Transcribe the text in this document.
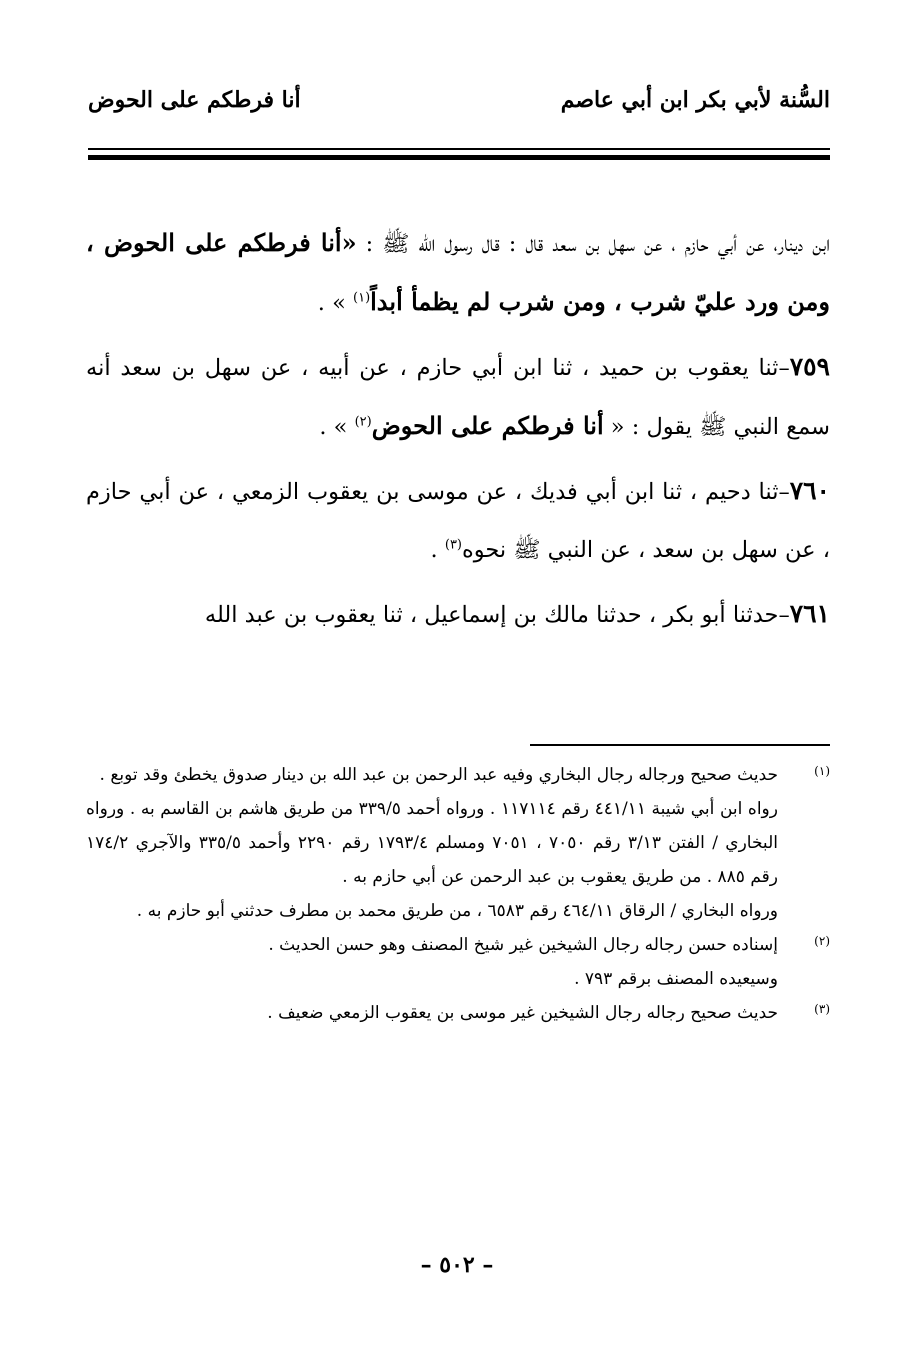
السُّنة لأبي بكر ابن أبي عاصم
أنا فرطكم على الحوض

ابن دينار، عن أبي حازم ، عن سهل بن سعد قال : قال رسول الله ﷺ : «أنا فرطكم على الحوض ، ومن ورد عليّ شرب ، ومن شرب لم يظمأ أبداً$^{(١)}$ » .

٧٥٩–ثنا يعقوب بن حميد ، ثنا ابن أبي حازم ، عن أبيه ، عن سهل بن سعد أنه سمع النبي ﷺ يقول : « أنا فرطكم على الحوض$^{(٢)}$ » .

٧٦٠–ثنا دحيم ، ثنا ابن أبي فديك ، عن موسى بن يعقوب الزمعي ، عن أبي حازم ، عن سهل بن سعد ، عن النبي ﷺ نحوه$^{(٣)}$ .

٧٦١–حدثنا أبو بكر ، حدثنا مالك بن إسماعيل ، ثنا يعقوب بن عبد الله

(١)

حديث صحيح ورجاله رجال البخاري وفيه عبد الرحمن بن عبد الله بن دينار صدوق يخطئ وقد توبع .

رواه ابن أبي شيبة ٤٤١/١١ رقم ١١٧١١٤ . ورواه أحمد ٣٣٩/٥ من طريق هاشم بن القاسم به . ورواه البخاري / الفتن ٣/١٣ رقم ٧٠٥٠ ، ٧٠٥١ ومسلم ١٧٩٣/٤ رقم ٢٢٩٠ وأحمد ٣٣٥/٥ والآجري ١٧٤/٢ رقم ٨٨٥ . من طريق يعقوب بن عبد الرحمن عن أبي حازم به .

ورواه البخاري / الرقاق ٤٦٤/١١ رقم ٦٥٨٣ ، من طريق محمد بن مطرف حدثني أبو حازم به .

(٢)

إسناده حسن رجاله رجال الشيخين غير شيخ المصنف وهو حسن الحديث .

وسيعيده المصنف برقم ٧٩٣ .

(٣)

حديث صحيح رجاله رجال الشيخين غير موسى بن يعقوب الزمعي ضعيف .

– ٥٠٢ –
